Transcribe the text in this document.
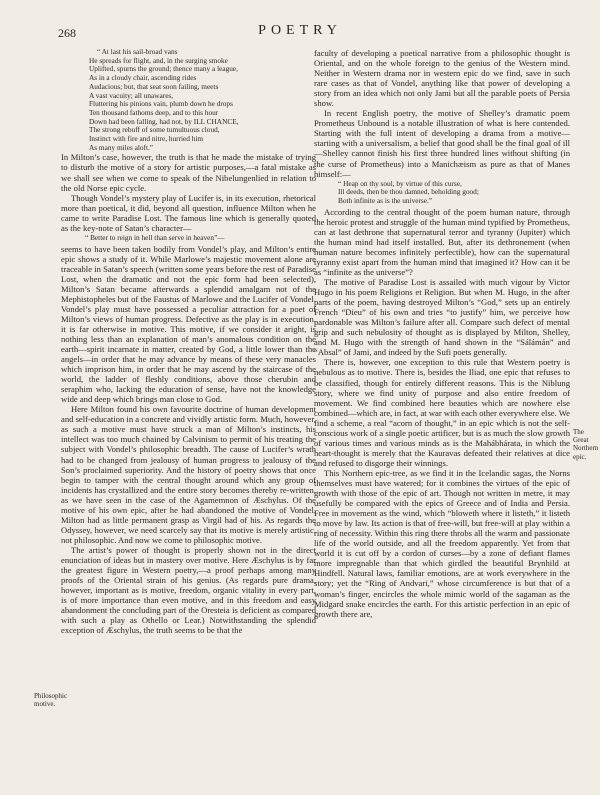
268	POETRY
“ At last his sail-broad vans
He spreads for flight, and, in the surging smoke
Uplifted, spurns the ground; thence many a league,
As in a cloudy chair, ascending rides
Audacious; but, that seat soon failing, meets
A vast vacuity; all unawares,
Fluttering his pinions vain, plumb down he drops
Ten thousand fathoms deep, and to this hour
Down had been falling, had not, by ILL CHANCE,
The strong rebuff of some tumultuous cloud,
Instinct with fire and nitre, hurried him
As many miles aloft.”

In Milton’s case, however, the truth is that he made the mistake of trying to disturb the motive of a story for artistic purposes,—a fatal mistake as we shall see when we come to speak of the Nibelungenlied in relation to the old Norse epic cycle.

Though Vondel’s mystery play of Lucifer is, in its execution, rhetorical more than poetical, it did, beyond all question, influence Milton when he came to write Paradise Lost. The famous line which is generally quoted as the key-note of Satan’s character—

“ Better to reign in hell than serve in heaven”—

seems to have been taken bodily from Vondel’s play, and Milton’s entire epic shows a study of it. While Marlowe’s majestic movement alone are traceable in Satan’s speech (written some years before the rest of Paradise Lost, when the dramatic and not the epic form had been selected), Milton’s Satan became afterwards a splendid amalgam not of the Mephistopheles but of the Faustus of Marlowe and the Lucifer of Vondel. Vondel’s play must have possessed a peculiar attraction for a poet of Milton’s views of human progress. Defective as the play is in execution, it is far otherwise in motive. This motive, if we consider it aright, is nothing less than an explanation of man’s anomalous condition on the earth—spirit incarnate in matter, created by God, a little lower than the angels—in order that he may advance by means of these very manacles which imprison him, in order that he may ascend by the staircase of the world, the ladder of fleshly conditions, above those cherubin and seraphim who, lacking the education of sense, have not the knowledge wide and deep which brings man close to God.

Here Milton found his own favourite doctrine of human development and self-education in a concrete and vividly artistic form. Much, however, as such a motive must have struck a man of Milton’s instincts, his intellect was too much chained by Calvinism to permit of his treating the subject with Vondel’s philosophic breadth. The cause of Lucifer’s wrath had to be changed from jealousy of human progress to jealousy of the Son’s proclaimed superiority. And the history of poetry shows that once begin to tamper with the central thought around which any group of incidents has crystallized and the entire story becomes thereby re-written, as we have seen in the case of the Agamemnon of Æschylus. Of the motive of his own epic, after he had abandoned the motive of Vondel, Milton had as little permanent grasp as Virgil had of his. As regards the Odyssey, however, we need scarcely say that its motive is merely artistic, not philosophic. And now we come to philosophic motive.

The artist’s power of thought is properly shown not in the direct enunciation of ideas but in mastery over motive. Here Æschylus is by far the greatest figure in Western poetry,—a proof perhaps among many proofs of the Oriental strain of his genius. (As regards pure drama, however, important as is motive, freedom, organic vitality in every part, is of more importance than even motive, and in this freedom and easy abandonment the concluding part of the Oresteia is deficient as compared with such a play as Othello or Lear.) Notwithstanding the splendid exception of Æschylus, the truth seems to be that the

faculty of developing a poetical narrative from a philosophic thought is Oriental, and on the whole foreign to the genius of the Western mind. Neither in Western drama nor in western epic do we find, save in such rare cases as that of Vondel, anything like that power of developing a story from an idea which not only Jami but all the parable poets of Persia show.

In recent English poetry, the motive of Shelley’s dramatic poem Prometheus Unbound is a notable illustration of what is here contended. Starting with the full intent of developing a drama from a motive—starting with a universalism, a belief that good shall be the final goal of ill—Shelley cannot finish his first three hundred lines without shifting (in the curse of Prometheus) into a Manichæism as pure as that of Manes himself:—

“ Heap on thy soul, by virtue of this curse,
Ill deeds, then be thou damned, beholding good;
Both infinite as is the universe.”

According to the central thought of the poem human nature, through the heroic protest and struggle of the human mind typified by Prometheus, can at last dethrone that supernatural terror and tyranny (Jupiter) which the human mind had itself installed. But, after its dethronement (when human nature becomes infinitely perfectible), how can the supernatural tyranny exist apart from the human mind that imagined it? How can it be as “infinite as the universe”?

The motive of Paradise Lost is assailed with much vigour by Victor Hugo in his poem Religions et Religion. But when M. Hugo, in the after parts of the poem, having destroyed Milton’s “God,” sets up an entirely French “Dieu” of his own and tries “to justify” him, we perceive how pardonable was Milton’s failure after all. Compare such defect of mental grip and such nebulosity of thought as is displayed by Milton, Shelley, and M. Hugo with the strength of hand shown in the “Sálámán” and “Absal” of Jami, and indeed by the Sufi poets generally.

There is, however, one exception to this rule that Western poetry is nebulous as to motive. There is, besides the Iliad, one epic that refuses to be classified, though for entirely different reasons. This is the Niblung story, where we find unity of purpose and also entire freedom of movement. We find combined here beauties which are nowhere else combined—which are, in fact, at war with each other everywhere else. We find a scheme, a real “acorn of thought,” in an epic which is not the self-conscious work of a single poetic artificer, but is as much the slow growth of various times and various minds as is the Mahábhárata, in which the heart-thought is merely that the Kauravas defeated their relatives at dice and refused to disgorge their winnings.

This Northern epic-tree, as we find it in the Icelandic sagas, the Norns themselves must have watered; for it combines the virtues of the epic of growth with those of the epic of art. Though not written in metre, it may usefully be compared with the epics of Greece and of India and Persia. Free in movement as the wind, which “bloweth where it listeth,” it listeth to move by law. Its action is that of free-will, but free-will at play within a ring of necessity. Within this ring there throbs all the warm and passionate life of the world outside, and all the freedom apparently. Yet from that world it is cut off by a cordon of curses—by a zone of defiant flames more impregnable than that which girdled the beautiful Brynhild at Hindfell. Natural laws, familiar emotions, are at work everywhere in the story; yet the “Ring of Andvari,” whose circumference is but that of a woman’s finger, encircles the whole mimic world of the sagaman as the Midgard snake encircles the earth. For this artistic perfection in an epic of growth there are,

Philosophic motive.
The Great Northern epic.
